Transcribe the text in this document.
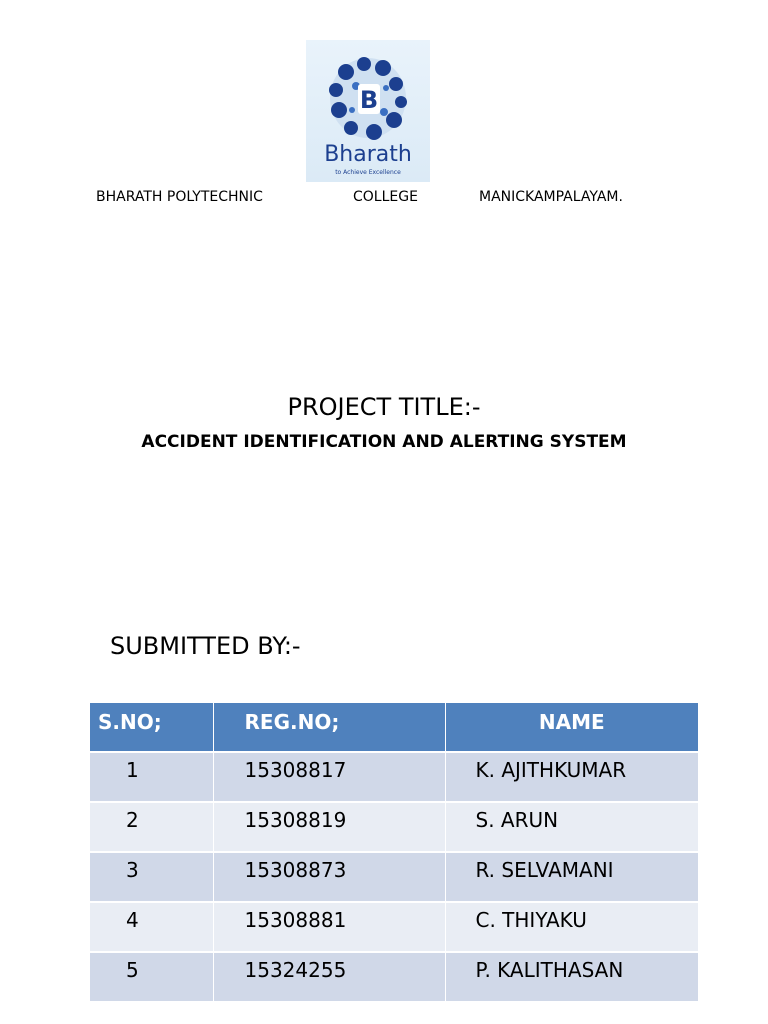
B
Bharath
to Achieve Excellence
BHARATH POLYTECHNIC	COLLEGE	MANICKAMPALAYAM.
PROJECT TITLE:-
ACCIDENT IDENTIFICATION AND ALERTING SYSTEM
SUBMITTED BY:-
S.NO;	REG.NO;	NAME

1	15308817	K. AJITHKUMAR

2	15308819	S. ARUN

3	15308873	R. SELVAMANI

4	15308881	C. THIYAKU

5	15324255	P. KALITHASAN
